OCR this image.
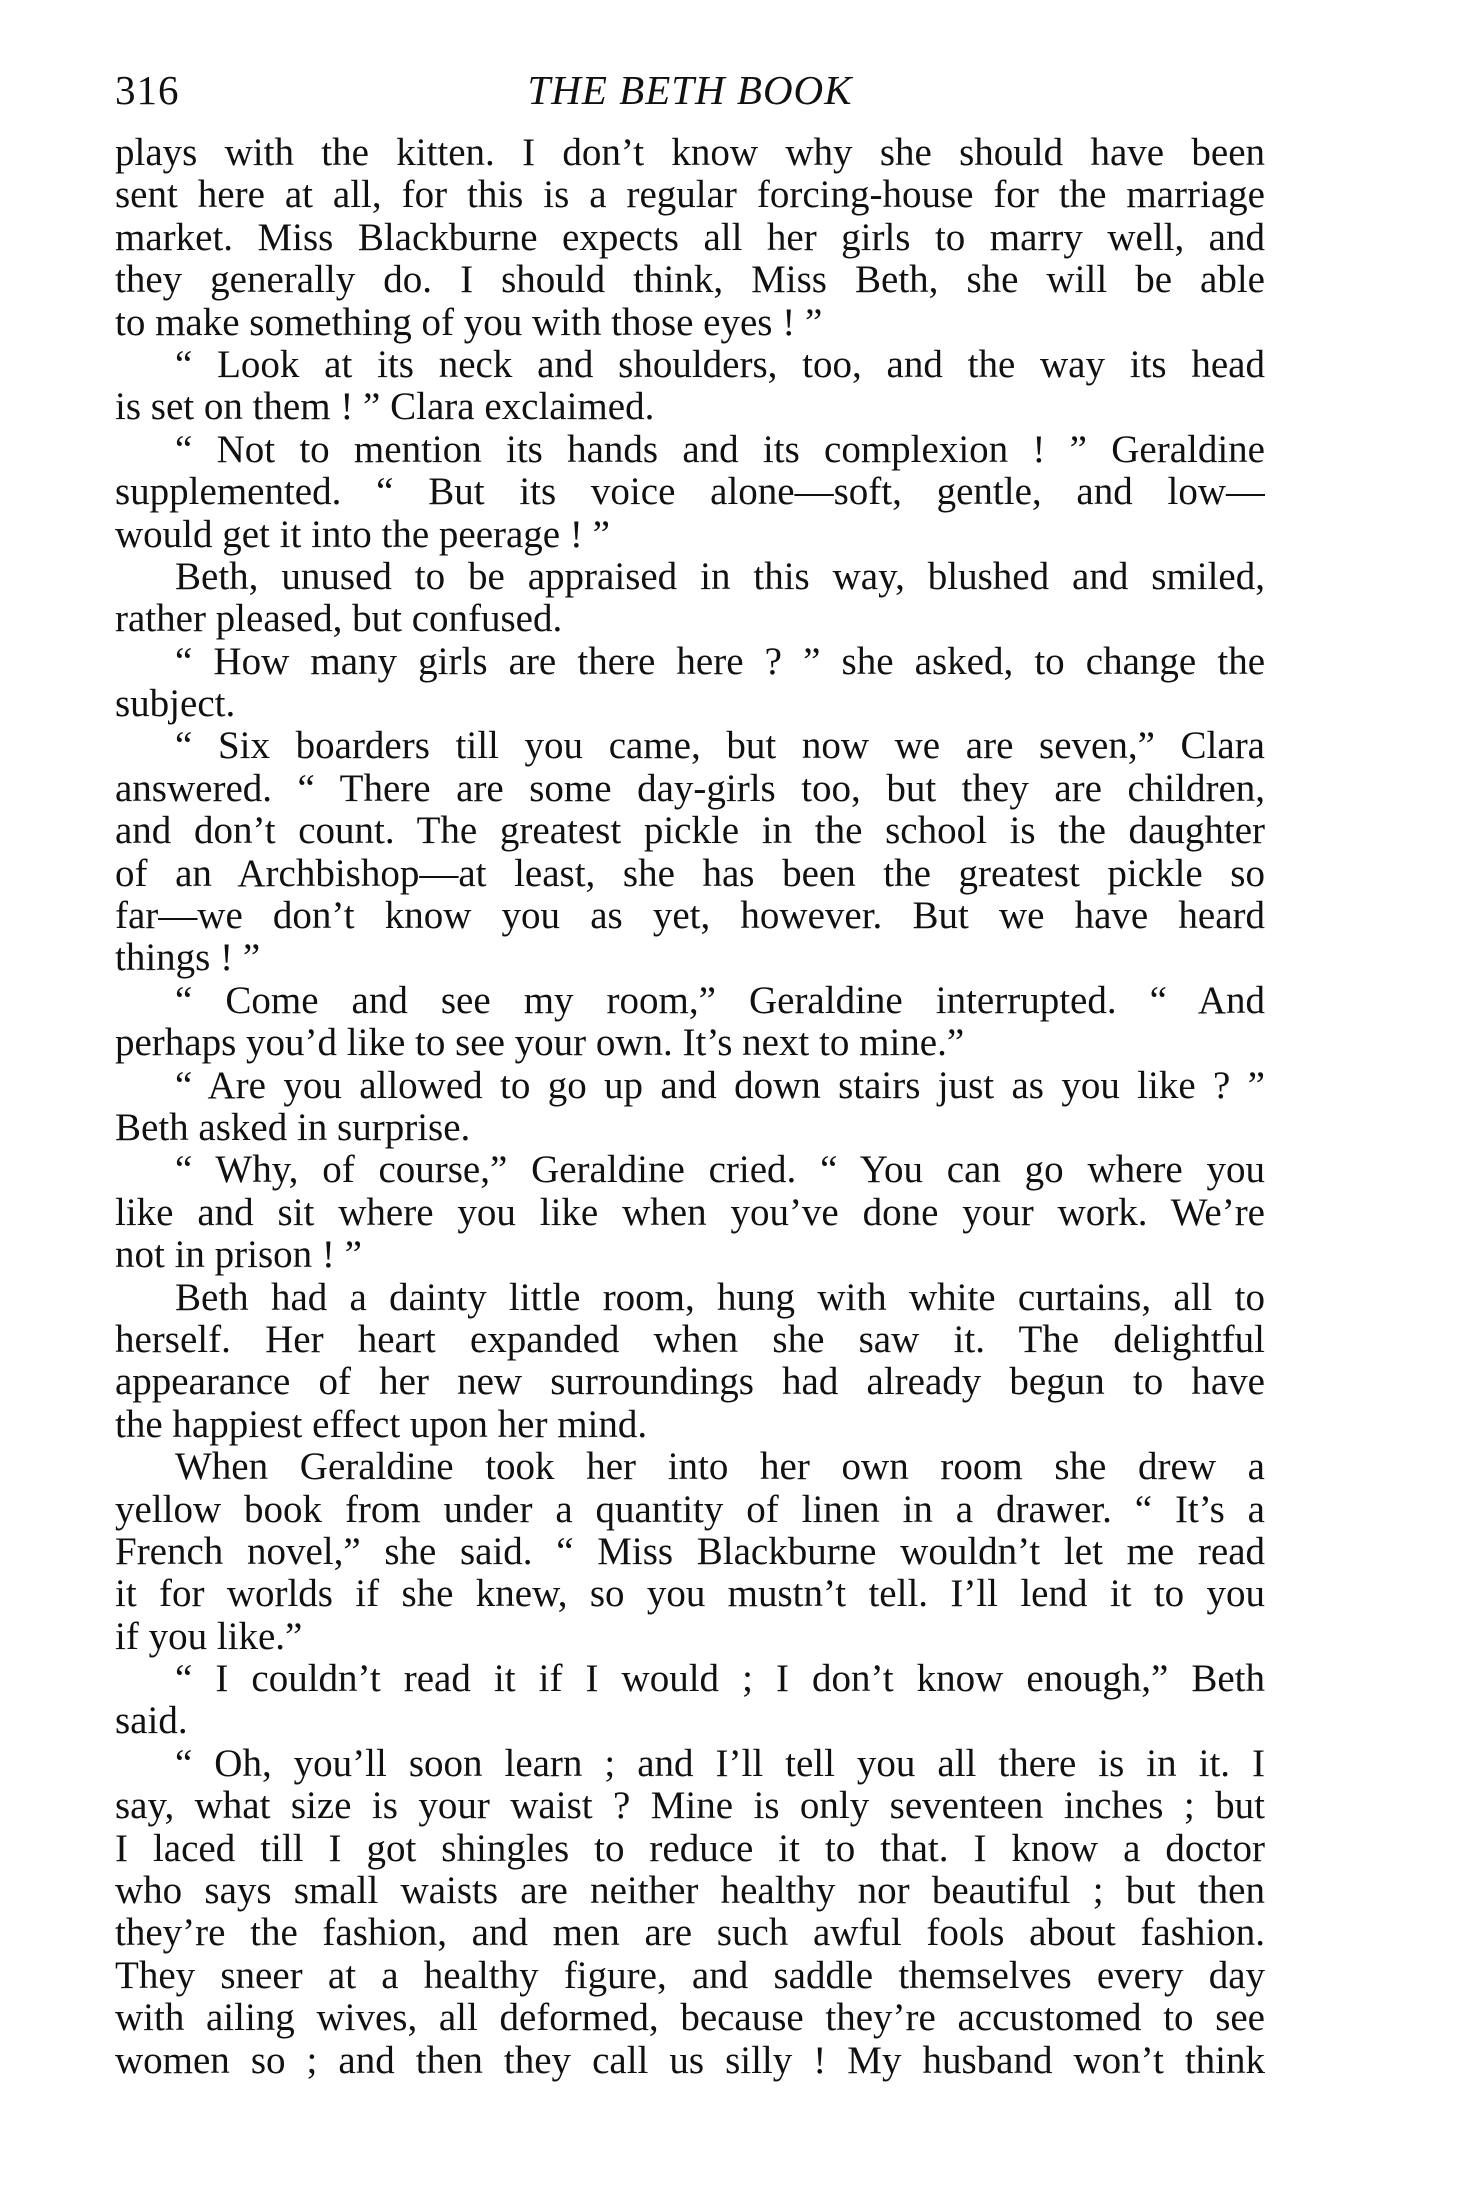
316	THE BETH BOOK
plays with the kitten. I don’t know why she should have been
sent here at all, for this is a regular forcing-house for the marriage
market. Miss Blackburne expects all her girls to marry well, and
they generally do. I should think, Miss Beth, she will be able
to make something of you with those eyes ! ”
“ Look at its neck and shoulders, too, and the way its head
is set on them ! ” Clara exclaimed.
“ Not to mention its hands and its complexion ! ” Geraldine
supplemented. “ But its voice alone—soft, gentle, and low—
would get it into the peerage ! ”
Beth, unused to be appraised in this way, blushed and smiled,
rather pleased, but confused.
“ How many girls are there here ? ” she asked, to change the
subject.
“ Six boarders till you came, but now we are seven,” Clara
answered. “ There are some day-girls too, but they are children,
and don’t count. The greatest pickle in the school is the daughter
of an Archbishop—at least, she has been the greatest pickle so
far—we don’t know you as yet, however. But we have heard
things ! ”
“ Come and see my room,” Geraldine interrupted. “ And
perhaps you’d like to see your own. It’s next to mine.”
“ Are you allowed to go up and down stairs just as you like ? ”
Beth asked in surprise.
“ Why, of course,” Geraldine cried. “ You can go where you
like and sit where you like when you’ve done your work. We’re
not in prison ! ”
Beth had a dainty little room, hung with white curtains, all to
herself. Her heart expanded when she saw it. The delightful
appearance of her new surroundings had already begun to have
the happiest effect upon her mind.
When Geraldine took her into her own room she drew a
yellow book from under a quantity of linen in a drawer. “ It’s a
French novel,” she said. “ Miss Blackburne wouldn’t let me read
it for worlds if she knew, so you mustn’t tell. I’ll lend it to you
if you like.”
“ I couldn’t read it if I would ; I don’t know enough,” Beth
said.
“ Oh, you’ll soon learn ; and I’ll tell you all there is in it. I
say, what size is your waist ? Mine is only seventeen inches ; but
I laced till I got shingles to reduce it to that. I know a doctor
who says small waists are neither healthy nor beautiful ; but then
they’re the fashion, and men are such awful fools about fashion.
They sneer at a healthy figure, and saddle themselves every day
with ailing wives, all deformed, because they’re accustomed to see
women so ; and then they call us silly ! My husband won’t think
